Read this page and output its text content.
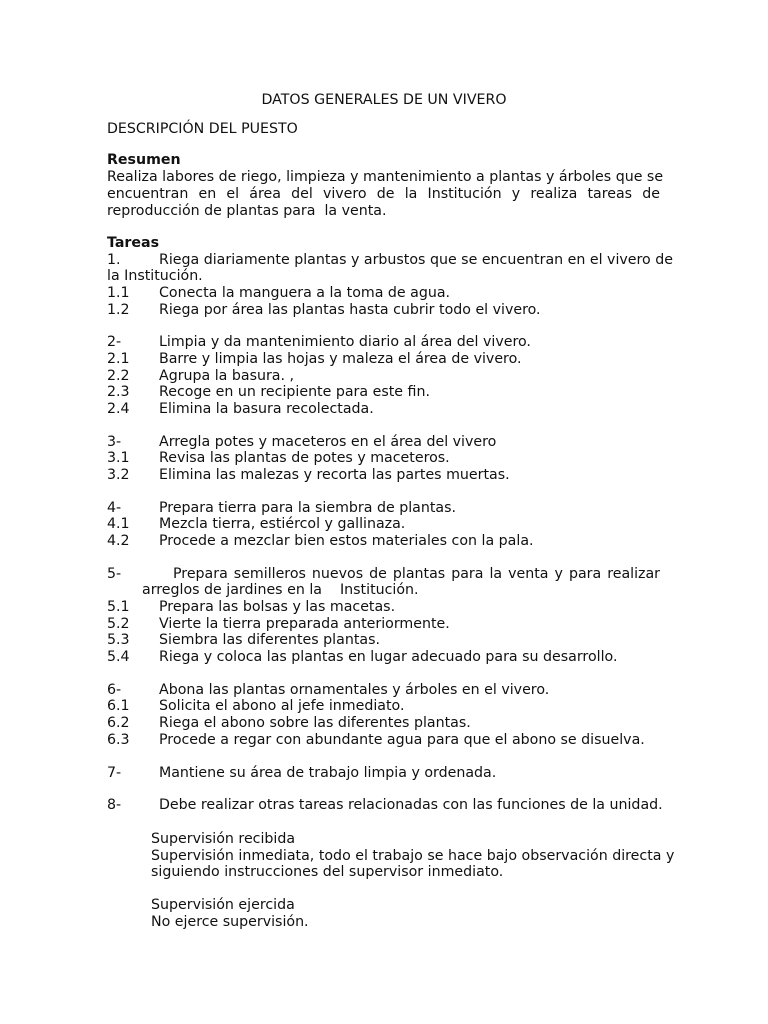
DATOS GENERALES DE UN VIVERO
DESCRIPCIÓN DEL PUESTO
Resumen
Realiza labores de riego, limpieza y mantenimiento a plantas y árboles que se
encuentran en el área del vivero de la Institución y realiza tareas de
reproducción de plantas para  la venta.
Tareas
1.	Riega diariamente plantas y arbustos que se encuentran en el vivero de
la Institución.
1.1 Conecta la manguera a la toma de agua.
1.2 Riega por área las plantas hasta cubrir todo el vivero.
2-	Limpia y da mantenimiento diario al área del vivero.
2.1 Barre y limpia las hojas y maleza el área de vivero.
2.2 Agrupa la basura. ,
2.3 Recoge en un recipiente para este fin.
2.4 Elimina la basura recolectada.
3-	Arregla potes y maceteros en el área del vivero
3.1 Revisa las plantas de potes y maceteros.
3.2 Elimina las malezas y recorta las partes muertas.
4-	Prepara tierra para la siembra de plantas.
4.1 Mezcla tierra, estiércol y gallinaza.
4.2 Procede a mezclar bien estos materiales con la pala.
5-	Prepara semilleros nuevos de plantas para la venta y para realizar
arreglos de jardines en la    Institución.
5.1 Prepara las bolsas y las macetas.
5.2 Vierte la tierra preparada anteriormente.
5.3 Siembra las diferentes plantas.
5.4 Riega y coloca las plantas en lugar adecuado para su desarrollo.
6-	Abona las plantas ornamentales y árboles en el vivero.
6.1 Solicita el abono al jefe inmediato.
6.2 Riega el abono sobre las diferentes plantas.
6.3 Procede a regar con abundante agua para que el abono se disuelva.
7-	Mantiene su área de trabajo limpia y ordenada.
8-	Debe realizar otras tareas relacionadas con las funciones de la unidad.
Supervisión recibida
Supervisión inmediata, todo el trabajo se hace bajo observación directa y
siguiendo instrucciones del supervisor inmediato.
Supervisión ejercida
No ejerce supervisión.
